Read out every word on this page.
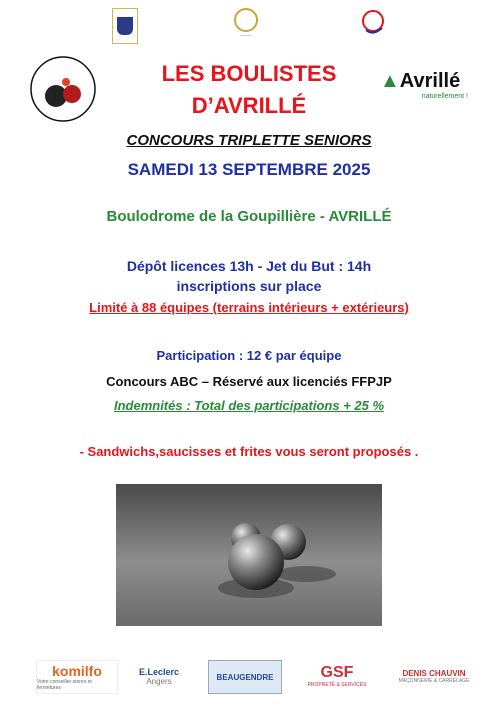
———
▲Avrillé
naturellement !
LES BOULISTES
D’AVRILLÉ
CONCOURS TRIPLETTE SENIORS
SAMEDI 13 SEPTEMBRE 2025
Boulodrome de la Goupillière - AVRILLÉ
Dépôt licences 13h - Jet du But : 14h
inscriptions sur place
Limité à 88 équipes (terrains intérieurs + extérieurs)
Participation : 12 € par équipe
Concours ABC – Réservé aux licenciés FFPJP
Indemnités : Total des participations + 25 %
- Sandwichs,saucisses et frites vous seront proposés .
komilfo
Votre conseiller stores et fermetures
E.Leclerc
Angers	BEAUGENDRE	GSF
PROPRETÉ & SERVICES
DENIS CHAUVIN
MAÇONNERIE & CARRELAGE
